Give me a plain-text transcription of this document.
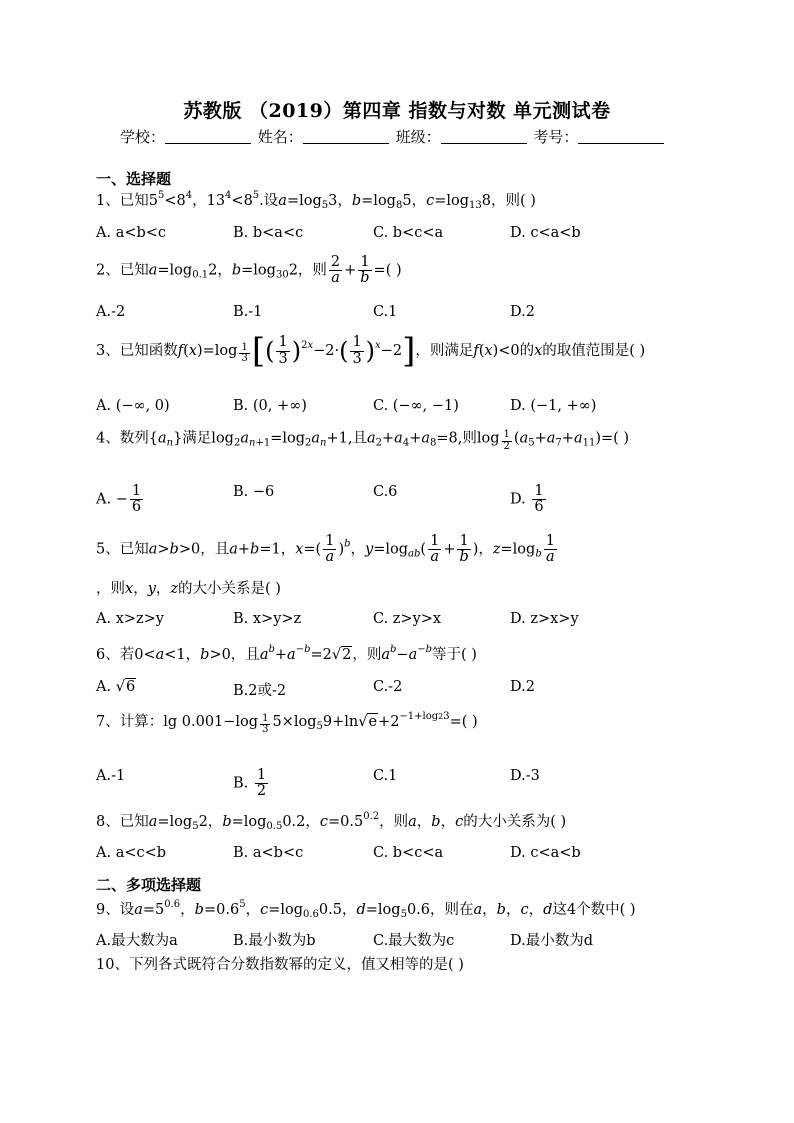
苏教版 （2019）第四章 指数与对数 单元测试卷
学校：	姓名：	班级：	考号：
一、选择题
1、已知$5^5<8^4$，$13^4<8^5$.设$a=\log_53$，$b=\log_85$，$c=\log_{13}8$，则( )
A. a<b<c	B. b<a<c	C. b<c<a	D. c<a<b
2、已知$a=\log_{0.1}2$，$b=\log_{30}2$，则 $\frac{2}{a} + \frac{1}{b}$ =( )
A.-2	B.-1	C.1	D.2
3、已知函数$f(x)=\log \frac{1}{3}$ [( $\frac{1}{3} )^{2x}-2\cdot( \frac{1}{3} )^x-2$]，则满足f(x)<0的x的取值范围是( )
A. (−∞, 0)	B. (0, +∞)	C. (−∞, −1)	D. (−1, +∞)
4、数列$\{a_n\}$满足$\log_2a_{n+1}=\log_2a_n+1$,且$a_2+a_4+a_8=8$,则$\log \frac{1}{2} (a_5+a_7+a_{11})=$( )
A. − $\frac{1}{6}$	B. −6	C.6	D. $\frac{1}{6}$
5、已知a>b>0，且a+b=1，$x=( \frac{1}{a} )^b$，$y=\log_{ab}( \frac{1}{a} + \frac{1}{b}$ )，$z=\log_b \frac{1}{a}$
，则x，y，z的大小关系是( )
A. x>z>y	B. x>y>z	C. z>y>x	D. z>x>y
6、若0<a<1，b>0，且$a^b+a^{-b}=2√2$，则$a^b-a^{-b}$等于( )
A. √6	B.2或-2	C.-2	D.2
7、计算：$\lg 0.001-\log \frac{1}{3} 5\times\log_59+\ln√e+2^{-1+log23}=$( )
A.-1	B. $\frac{1}{2}$	C.1	D.-3
8、已知$a=\log_52$，$b=\log_{0.5}0.2$，$c=0.5^{0.2}$，则a，b，c的大小关系为( )
A. a<c<b	B. a<b<c	C. b<c<a	D. c<a<b
二、多项选择题
9、设$a=5^{0.6}$，$b=0.6^5$，$c=\log_{0.6}0.5$，$d=\log_50.6$，则在a，b，c，d这4个数中( )
A.最大数为a	B.最小数为b	C.最大数为c	D.最小数为d
10、下列各式既符合分数指数幂的定义，值又相等的是( )
